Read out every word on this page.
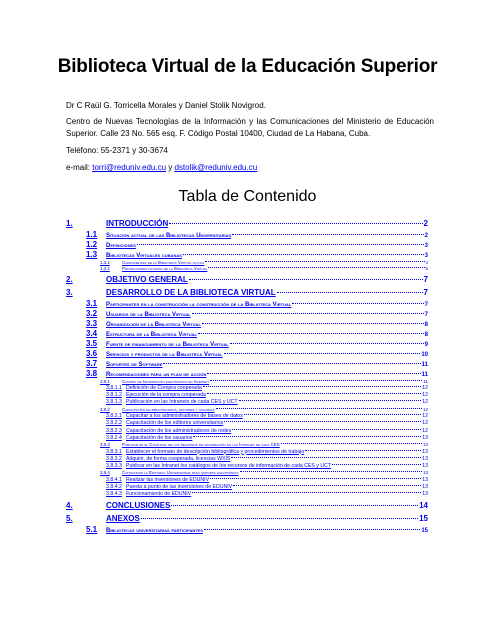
Biblioteca Virtual de la Educación Superior
Dr C Raúl G. Torricella Morales y Daniel Stolik Novigrod.
Centro de Nuevas Tecnologías de la Información y las Comunicaciones del Ministerio de Educación Superior. Calle 23 No. 565 esq. F. Código Postal 10400, Ciudad de La Habana, Cuba.
Teléfono: 55-2371 y 30-3674
e-mail: torri@reduniv.edu.cu y dstolik@reduniv.edu.cu
Tabla de Contenido
1.	INTRODUCCIÓN	2
1.1	Situación actual de las Bibliotecas Universitarias	2
1.2	Definiciones	3
1.3	Bibliotecas Virtuales cubanas	3
1.3.1	Componentes de la Biblioteca Virtual actual	4
1.3.2	Proyecciones futuras de la Biblioteca Virtual	6
2.	OBJETIVO GENERAL	7
3.	DESARROLLO DE LA BIBLIOTECA VIRTUAL	7
3.1	Participantes en la construcción la construcción de la Biblioteca Virtual	7
3.2	Usuarios de la Biblioteca Virtual	7
3.3	Organización de la Biblioteca Virtual	8
3.4	Estructura de la Biblioteca Virtual	8
3.5	Fuente de financiamiento de la Biblioteca Virtual	9
3.6	Servicios y productos de la Biblioteca Virtual	10
3.7	Soportes de Software	11
3.8	Recomendaciones para un plan de acción	11
3.8.1	Compra de Información electrónica en Internet	11
3.8.1.1 Definición de Compra cooperada	12
3.8.1.2 Ejecución de la compra cooperada	12
3.8.1.3 Publicación en las Intranets de cada CES y UCT	12
3.8.2	Capacitación de bibliotecarios, editores y usuarios	12
3.8.2.1 Capacitar a los administradores de bases de datos	12
3.8.2.2 Capacitación de los editores universitarios	12
3.8.2.3 Capacitación de los administradores de redes	12
3.8.2.4 Capacitación de los usuarios	13
3.8.3	Publicar en el Catálogo de los recursos de información en las Intranet de cada CES	13
3.8.3.1 Establecer el formato de descripción bibliográfica y procedimientos de trabajo	13
3.8.3.2 Adquirir, de forma cooperada, licencias WXIS	13
3.8.3.3 Publicar en las Intranet los catálogos de los recursos de información de cada CES y UCT	13
3.8.4	Consolidar la Editorial Universitaria para soporte electrónico	13
3.8.4.1 Realizar las inversiones de EDUNIV	13
3.8.4.2 Puesta a punto de las inversiones de EDUNIV	13
3.8.4.3 Funcionamiento de EDUNIV	13
4.	CONCLUSIONES	14
5.	ANEXOS	15
5.1	Bibliotecas universitarias participantes	15
